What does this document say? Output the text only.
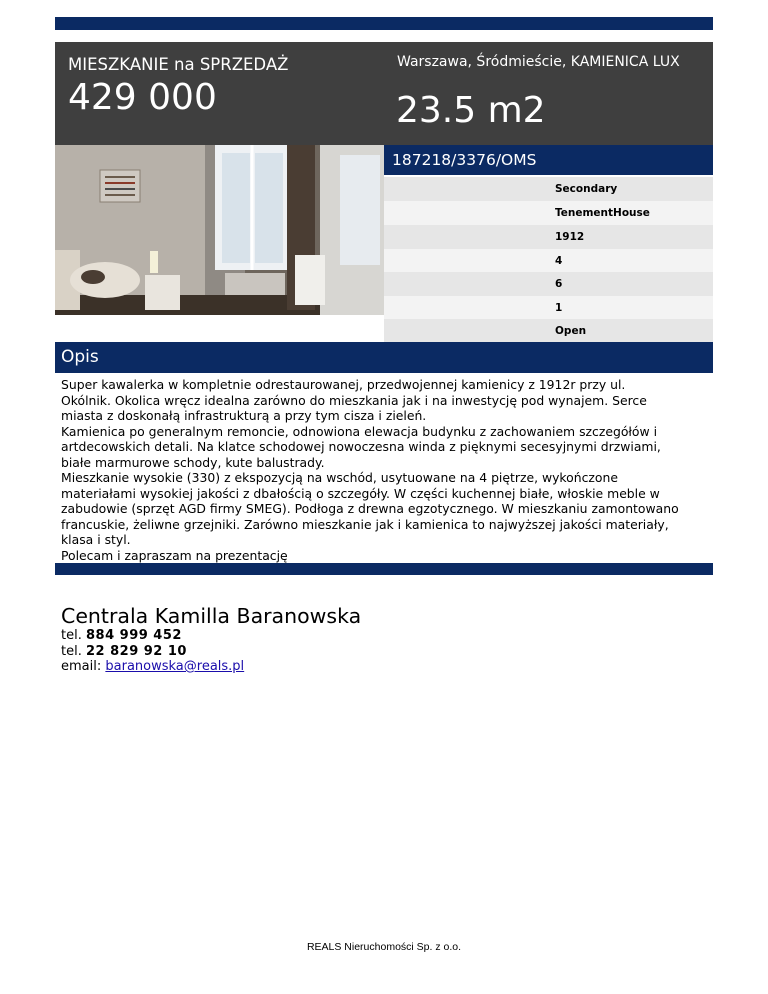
MIESZKANIE na SPRZEDAŻ
429 000
Warszawa, Śródmieście, KAMIENICA LUX
23.5 m2
187218/3376/OMS
Secondary
TenementHouse
1912
4
6
1
Open
Opis
Super kawalerka w kompletnie odrestaurowanej, przedwojennej kamienicy z 1912r przy ul.
Okólnik. Okolica wręcz idealna zarówno do mieszkania jak i na inwestycję pod wynajem. Serce
miasta z doskonałą infrastrukturą a przy tym cisza i zieleń.
Kamienica po generalnym remoncie, odnowiona elewacja budynku z zachowaniem szczegółów i
artdecowskich detali. Na klatce schodowej nowoczesna winda z pięknymi secesyjnymi drzwiami,
białe marmurowe schody, kute balustrady.
Mieszkanie wysokie (330) z ekspozycją na wschód, usytuowane na 4 piętrze, wykończone
materiałami wysokiej jakości z dbałością o szczegóły. W części kuchennej białe, włoskie meble w
zabudowie (sprzęt AGD firmy SMEG). Podłoga z drewna egzotycznego. W mieszkaniu zamontowano
francuskie, żeliwne grzejniki. Zarówno mieszkanie jak i kamienica to najwyższej jakości materiały,
klasa i styl.
Polecam i zapraszam na prezentację
Centrala Kamilla Baranowska
tel. 884 999 452
tel. 22 829 92 10
email: baranowska@reals.pl
REALS Nieruchomości Sp. z o.o.
